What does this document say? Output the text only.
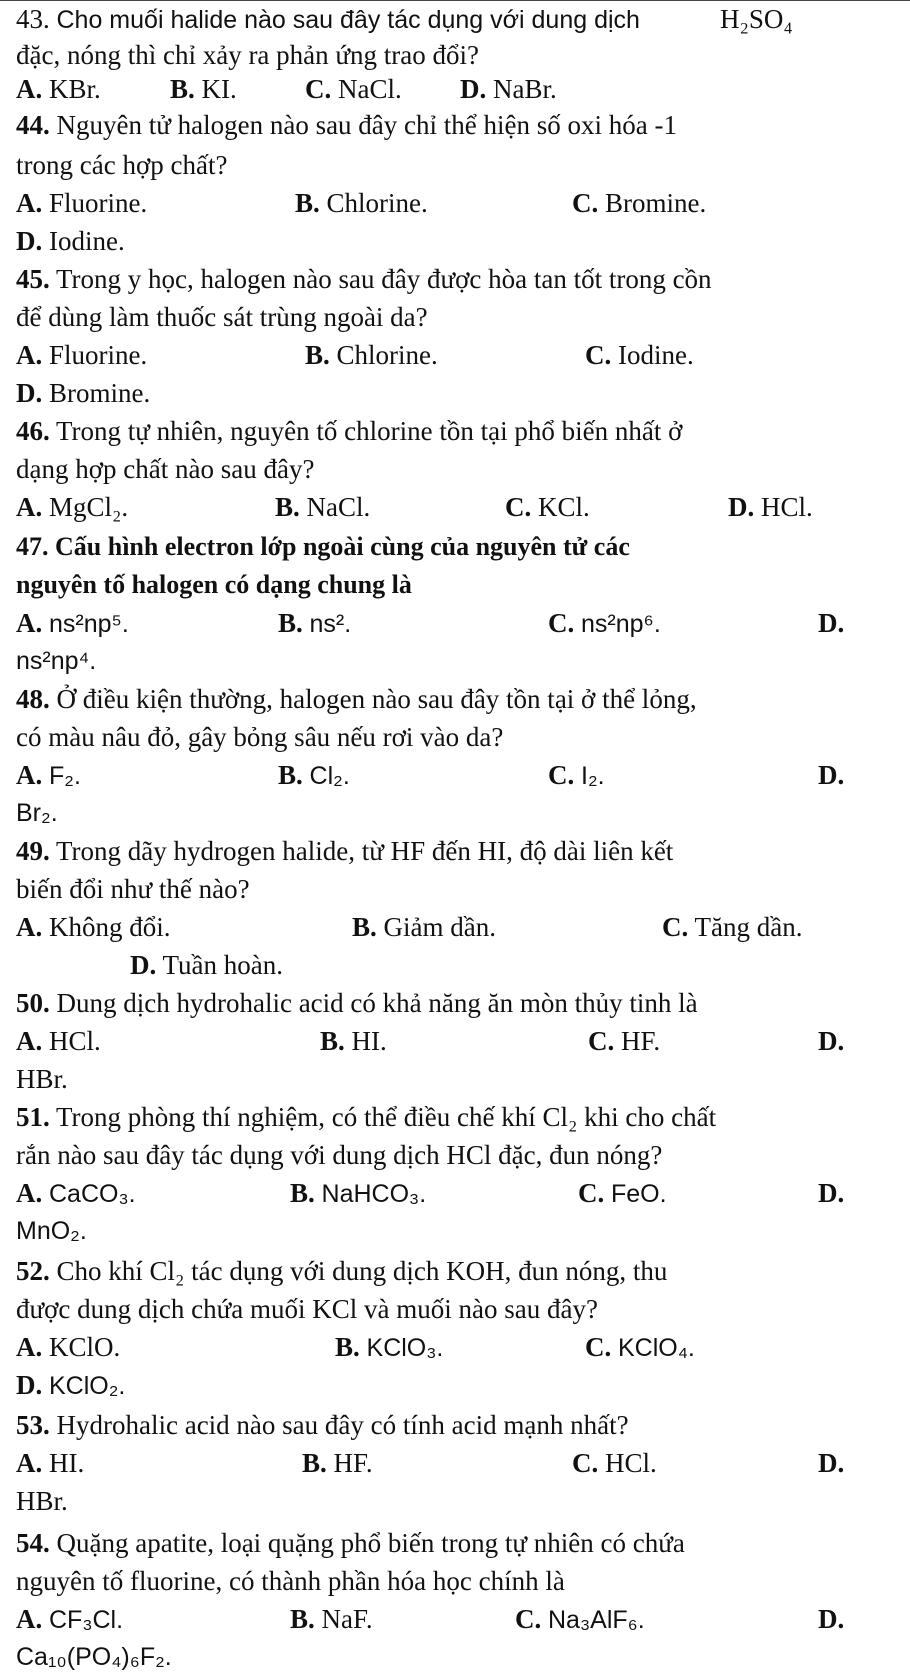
43. Cho muối halide nào sau đây tác dụng với dung dịch	H₂SO₄
đặc, nóng thì chỉ xảy ra phản ứng trao đổi?
A. KBr.	B. KI.	C. NaCl. D. NaBr.
44. Nguyên tử halogen nào sau đây chỉ thể hiện số oxi hóa -1
trong các hợp chất?
A. Fluorine.	B. Chlorine.	C. Bromine.
D. Iodine.
45. Trong y học, halogen nào sau đây được hòa tan tốt trong cồn
để dùng làm thuốc sát trùng ngoài da?
A. Fluorine.	B. Chlorine.	C. Iodine.
D. Bromine.
46. Trong tự nhiên, nguyên tố chlorine tồn tại phổ biến nhất ở
dạng hợp chất nào sau đây?
A. MgCl₂.	B. NaCl.	C. KCl.	D. HCl.
47. Cấu hình electron lớp ngoài cùng của nguyên tử các
nguyên tố halogen có dạng chung là
A. ns²np⁵.	B. ns².	C. ns²np⁶.	D.
ns²np⁴.
48. Ở điều kiện thường, halogen nào sau đây tồn tại ở thể lỏng,
có màu nâu đỏ, gây bỏng sâu nếu rơi vào da?
A. F₂.	B. Cl₂.	C. I₂.	D.
Br₂.
49. Trong dãy hydrogen halide, từ HF đến HI, độ dài liên kết
biến đổi như thế nào?
A. Không đổi.	B. Giảm dần.	C. Tăng dần.
D. Tuần hoàn.
50. Dung dịch hydrohalic acid có khả năng ăn mòn thủy tinh là
A. HCl.	B. HI.	C. HF.	D.
HBr.
51. Trong phòng thí nghiệm, có thể điều chế khí Cl₂ khi cho chất
rắn nào sau đây tác dụng với dung dịch HCl đặc, đun nóng?
A. CaCO₃.	B. NaHCO₃.	C. FeO.	D.
MnO₂.
52. Cho khí Cl₂ tác dụng với dung dịch KOH, đun nóng, thu
được dung dịch chứa muối KCl và muối nào sau đây?
A. KClO.	B. KClO₃.	C. KClO₄.
D. KClO₂.
53. Hydrohalic acid nào sau đây có tính acid mạnh nhất?
A. HI.	B. HF.	C. HCl.	D.
HBr.
54. Quặng apatite, loại quặng phổ biến trong tự nhiên có chứa
nguyên tố fluorine, có thành phần hóa học chính là
A. CF₃Cl.	B. NaF.	C. Na₃AlF₆.	D.
Ca₁₀(PO₄)₆F₂.
